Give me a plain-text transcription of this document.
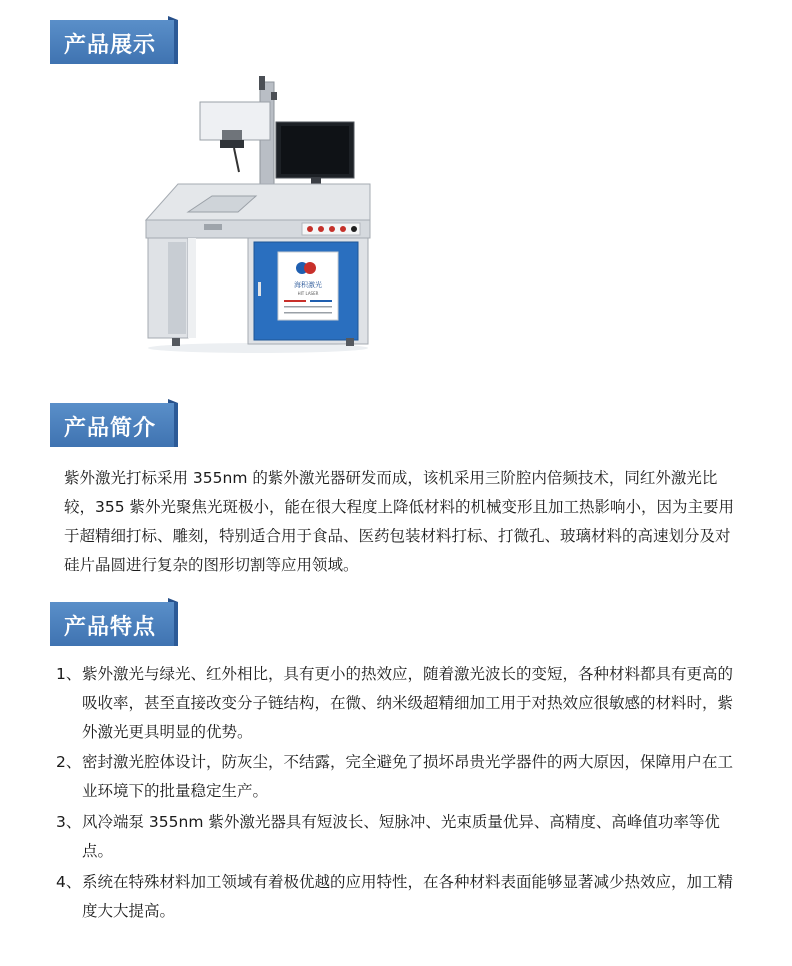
产品展示
海积激光
HIT LASER
产品简介
紫外激光打标采用 355nm 的紫外激光器研发而成，该机采用三阶腔内倍频技术，同红外激光比较，355 紫外光聚焦光斑极小，能在很大程度上降低材料的机械变形且加工热影响小，因为主要用于超精细打标、雕刻，特别适合用于食品、医药包装材料打标、打微孔、玻璃材料的高速划分及对硅片晶圆进行复杂的图形切割等应用领域。
产品特点
1、 紫外激光与绿光、红外相比，具有更小的热效应，随着激光波长的变短，各种材料都具有更高的吸收率，甚至直接改变分子链结构，在微、纳米级超精细加工用于对热效应很敏感的材料时，紫外激光更具明显的优势。
2、 密封激光腔体设计，防灰尘，不结露，完全避免了损坏昂贵光学器件的两大原因，保障用户在工业环境下的批量稳定生产。
3、 风冷端泵 355nm 紫外激光器具有短波长、短脉冲、光束质量优异、高精度、高峰值功率等优点。
4、 系统在特殊材料加工领域有着极优越的应用特性，在各种材料表面能够显著减少热效应，加工精度大大提高。
